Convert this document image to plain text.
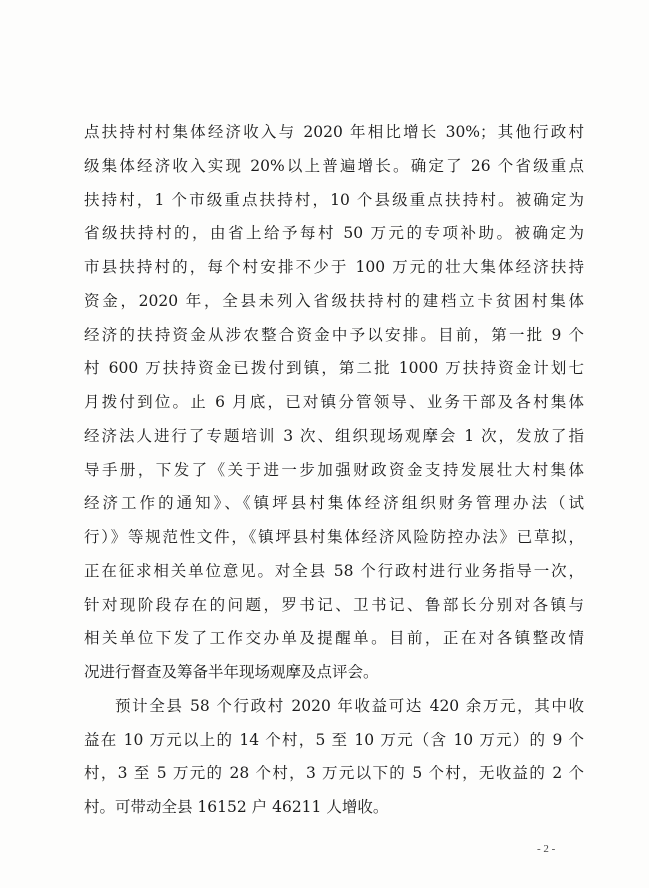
点扶持村村集体经济收入与 2020 年相比增长 30%；其他行政村
级集体经济收入实现 20%以上普遍增长。确定了 26 个省级重点
扶持村，1 个市级重点扶持村，10 个县级重点扶持村。被确定为
省级扶持村的，由省上给予每村 50 万元的专项补助。被确定为
市县扶持村的，每个村安排不少于 100 万元的壮大集体经济扶持
资金，2020 年，全县未列入省级扶持村的建档立卡贫困村集体
经济的扶持资金从涉农整合资金中予以安排。目前，第一批 9 个
村 600 万扶持资金已拨付到镇，第二批 1000 万扶持资金计划七
月拨付到位。止 6 月底，已对镇分管领导、业务干部及各村集体
经济法人进行了专题培训 3 次、组织现场观摩会 1 次，发放了指
导手册，下发了《关于进一步加强财政资金支持发展壮大村集体
经济工作的通知》、《镇坪县村集体经济组织财务管理办法（试
行）》等规范性文件，《镇坪县村集体经济风险防控办法》已草拟，
正在征求相关单位意见。对全县 58 个行政村进行业务指导一次，
针对现阶段存在的问题，罗书记、卫书记、鲁部长分别对各镇与
相关单位下发了工作交办单及提醒单。目前，正在对各镇整改情
况进行督查及筹备半年现场观摩及点评会。
预计全县 58 个行政村 2020 年收益可达 420 余万元，其中收
益在 10 万元以上的 14 个村，5 至 10 万元（含 10 万元）的 9 个
村，3 至 5 万元的 28 个村，3 万元以下的 5 个村，无收益的 2 个
村。可带动全县 16152 户 46211 人增收。
- 2 -
